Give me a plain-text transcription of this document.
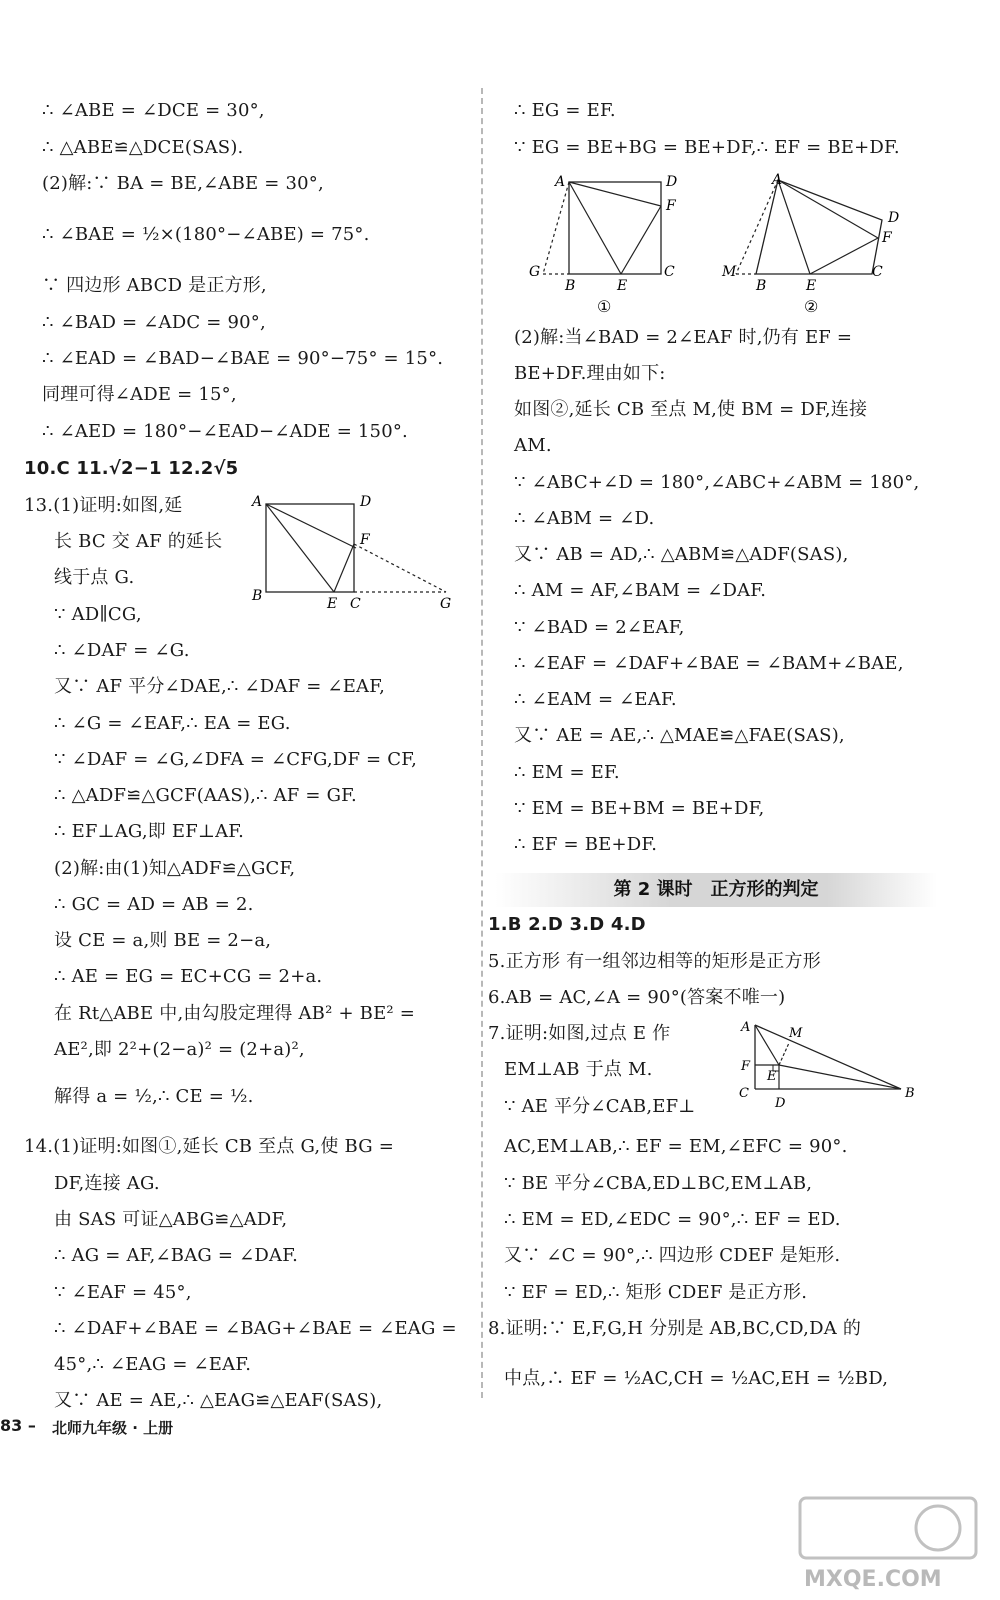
∴ ∠ABE = ∠DCE = 30°,
∴ △ABE≌△DCE(SAS).
(2)解:∵ BA = BE,∠ABE = 30°,
∴ ∠BAE = ½×(180°−∠ABE) = 75°.
∵ 四边形 ABCD 是正方形,
∴ ∠BAD = ∠ADC = 90°,
∴ ∠EAD = ∠BAD−∠BAE = 90°−75° = 15°.
同理可得∠ADE = 15°,
∴ ∠AED = 180°−∠EAD−∠ADE = 150°.
10.C 11.√2−1 12.2√5
13.(1)证明:如图,延
长 BC 交 AF 的延长
线于点 G.
∵ AD∥CG,
∴ ∠DAF = ∠G.
又∵ AF 平分∠DAE,∴ ∠DAF = ∠EAF,
∴ ∠G = ∠EAF,∴ EA = EG.
∵ ∠DAF = ∠G,∠DFA = ∠CFG,DF = CF,
∴ △ADF≌△GCF(AAS),∴ AF = GF.
∴ EF⊥AG,即 EF⊥AF.
(2)解:由(1)知△ADF≌△GCF,
∴ GC = AD = AB = 2.
设 CE = a,则 BE = 2−a,
∴ AE = EG = EC+CG = 2+a.
在 Rt△ABE 中,由勾股定理得 AB² + BE² =
AE²,即 2²+(2−a)² = (2+a)²,
解得 a = ½,∴ CE = ½.
14.(1)证明:如图①,延长 CB 至点 G,使 BG =
DF,连接 AG.
由 SAS 可证△ABG≌△ADF,
∴ AG = AF,∠BAG = ∠DAF.
∵ ∠EAF = 45°,
∴ ∠DAF+∠BAE = ∠BAG+∠BAE = ∠EAG =
45°,∴ ∠EAG = ∠EAF.
又∵ AE = AE,∴ △EAG≌△EAF(SAS),
A	D
F
B	E C	G
∴ EG = EF.
∵ EG = BE+BG = BE+DF,∴ EF = BE+DF.
(2)解:当∠BAD = 2∠EAF 时,仍有 EF =
BE+DF.理由如下:
如图②,延长 CB 至点 M,使 BM = DF,连接
AM.
∵ ∠ABC+∠D = 180°,∠ABC+∠ABM = 180°,
∴ ∠ABM = ∠D.
又∵ AB = AD,∴ △ABM≌△ADF(SAS),
∴ AM = AF,∠BAM = ∠DAF.
∵ ∠BAD = 2∠EAF,
∴ ∠EAF = ∠DAF+∠BAE = ∠BAM+∠BAE,
∴ ∠EAM = ∠EAF.
又∵ AE = AE,∴ △MAE≌△FAE(SAS),
∴ EM = EF.
∵ EM = BE+BM = BE+DF,
∴ EF = BE+DF.
1.B 2.D 3.D 4.D
5.正方形 有一组邻边相等的矩形是正方形
6.AB = AC,∠A = 90°(答案不唯一)
7.证明:如图,过点 E 作
EM⊥AB 于点 M.
∵ AE 平分∠CAB,EF⊥
AC,EM⊥AB,∴ EF = EM,∠EFC = 90°.
∵ BE 平分∠CBA,ED⊥BC,EM⊥AB,
∴ EM = ED,∠EDC = 90°,∴ EF = ED.
又∵ ∠C = 90°,∴ 四边形 CDEF 是矩形.
∵ EF = ED,∴ 矩形 CDEF 是正方形.
8.证明:∵ E,F,G,H 分别是 AB,BC,CD,DA 的
中点,∴ EF = ½AC,CH = ½AC,EH = ½BD,
A	D
F
G
B	E
C
①
A
D
F
M
B	E
C
②
第 2 课时　正方形的判定
A	M
F
E
C
D
B
83 – 北师九年级 · 上册
MXQE.COM
